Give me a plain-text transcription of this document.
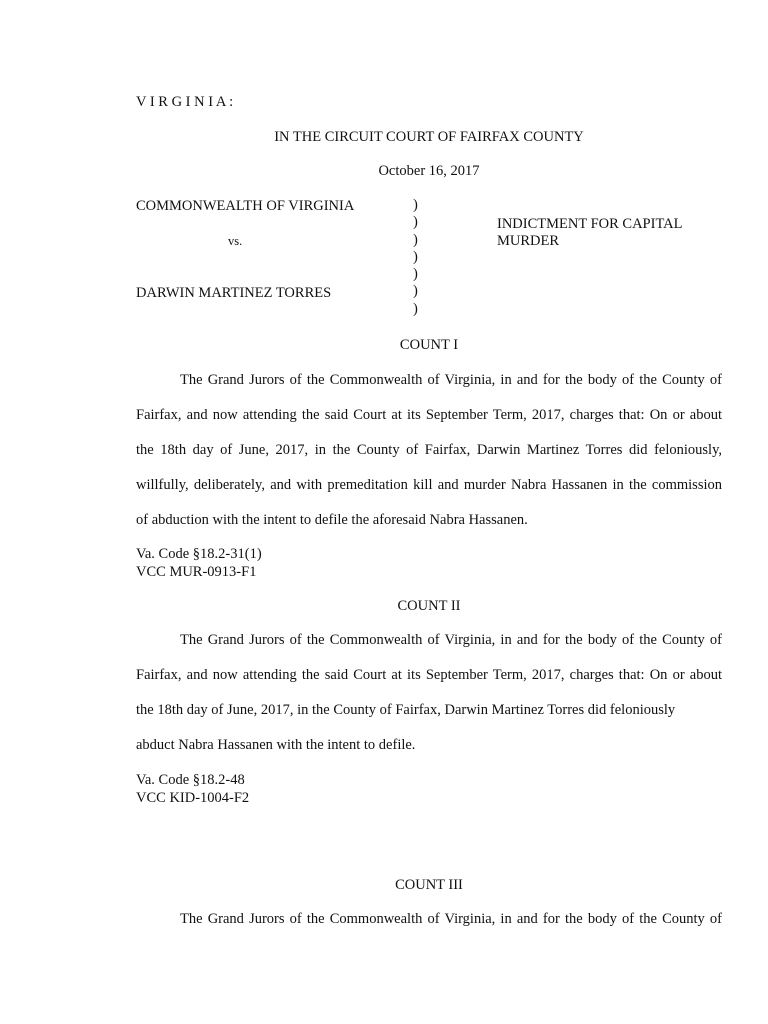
V I R G I N I A :
IN THE CIRCUIT COURT OF FAIRFAX COUNTY
October 16, 2017
COMMONWEALTH OF VIRGINIA
vs.
DARWIN MARTINEZ TORRES
)
)
)
)
)
)
)
INDICTMENT FOR CAPITAL
MURDER
COUNT I
The Grand Jurors of the Commonwealth of Virginia, in and for the body of the County of
Fairfax, and now attending the said Court at its September Term, 2017, charges that: On or about
the 18th day of June, 2017, in the County of Fairfax, Darwin Martinez Torres did feloniously,
willfully, deliberately, and with premeditation kill and murder Nabra Hassanen in the commission
of abduction with the intent to defile the aforesaid Nabra Hassanen.
Va. Code §18.2-31(1)
VCC MUR-0913-F1
COUNT II
The Grand Jurors of the Commonwealth of Virginia, in and for the body of the County of
Fairfax, and now attending the said Court at its September Term, 2017, charges that: On or about
the 18th day of June, 2017, in the County of Fairfax, Darwin Martinez Torres did feloniously
abduct Nabra Hassanen with the intent to defile.
Va. Code §18.2-48
VCC KID-1004-F2
COUNT III
The Grand Jurors of the Commonwealth of Virginia, in and for the body of the County of
